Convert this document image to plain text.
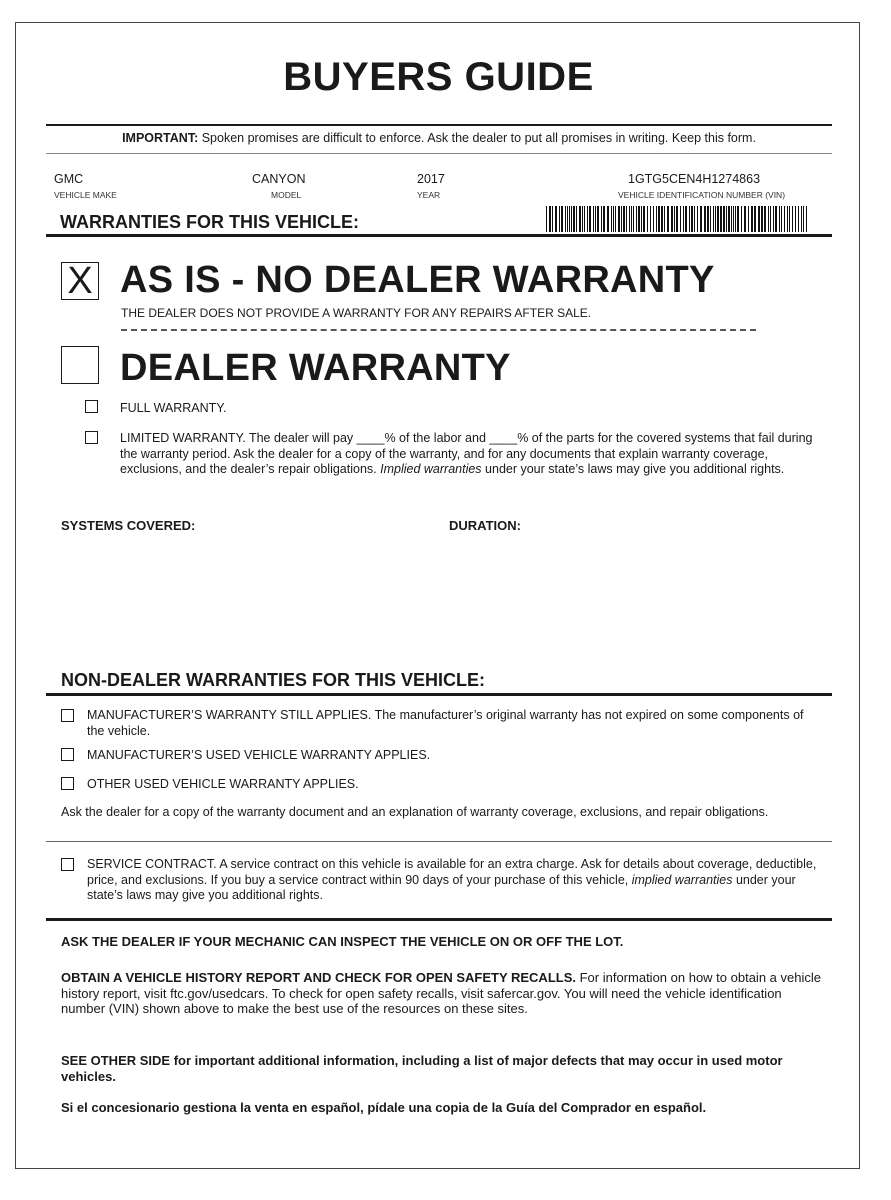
BUYERS GUIDE
IMPORTANT: Spoken promises are difficult to enforce. Ask the dealer to put all promises in writing. Keep this form.
GMC
VEHICLE MAKE
CANYON
MODEL
2017
YEAR
1GTG5CEN4H1274863
VEHICLE IDENTIFICATION NUMBER (VIN)
WARRANTIES FOR THIS VEHICLE:
X AS IS - NO DEALER WARRANTY
THE DEALER DOES NOT PROVIDE A WARRANTY FOR ANY REPAIRS AFTER SALE.
DEALER WARRANTY
FULL WARRANTY.
LIMITED WARRANTY. The dealer will pay ____% of the labor and ____% of the parts for the covered systems that fail during the warranty period. Ask the dealer for a copy of the warranty, and for any documents that explain warranty coverage, exclusions, and the dealer’s repair obligations. Implied warranties under your state’s laws may give you additional rights.
SYSTEMS COVERED:	DURATION:
NON-DEALER WARRANTIES FOR THIS VEHICLE:
MANUFACTURER’S WARRANTY STILL APPLIES. The manufacturer’s original warranty has not expired on some components of the vehicle.
MANUFACTURER’S USED VEHICLE WARRANTY APPLIES.
OTHER USED VEHICLE WARRANTY APPLIES.
Ask the dealer for a copy of the warranty document and an explanation of warranty coverage, exclusions, and repair obligations.
SERVICE CONTRACT. A service contract on this vehicle is available for an extra charge. Ask for details about coverage, deductible, price, and exclusions. If you buy a service contract within 90 days of your purchase of this vehicle, implied warranties under your state’s laws may give you additional rights.
ASK THE DEALER IF YOUR MECHANIC CAN INSPECT THE VEHICLE ON OR OFF THE LOT.
OBTAIN A VEHICLE HISTORY REPORT AND CHECK FOR OPEN SAFETY RECALLS. For information on how to obtain a vehicle history report, visit ftc.gov/usedcars. To check for open safety recalls, visit safercar.gov. You will need the vehicle identification number (VIN) shown above to make the best use of the resources on these sites.
SEE OTHER SIDE for important additional information, including a list of major defects that may occur in used motor vehicles.
Si el concesionario gestiona la venta en español, pídale una copia de la Guía del Comprador en español.
